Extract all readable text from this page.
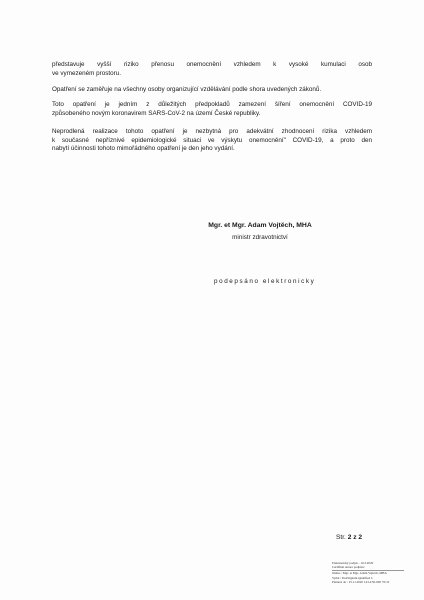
představuje vyšší riziko přenosu onemocnění vzhledem k vysoké kumulaci osob
ve vymezeném prostoru.
Opatření se zaměřuje na všechny osoby organizující vzdělávání podle shora uvedených zákonů.
Toto opatření je jedním z důležitých předpokladů zamezení šíření onemocnění COVID-19
způsobeného novým koronavirem SARS-CoV-2 na území České republiky.
Neprodlená realizace tohoto opatření je nezbytná pro adekvátní zhodnocení rizika vzhledem
k současné nepříznivé epidemiologické situaci ve výskytu onemocnění" COVID-19, a proto den
nabytí účinnosti tohoto mimořádného opatření je den jeho vydání.
Mgr. et Mgr. Adam Vojtěch, MHA
ministr zdravotnictví
podepsáno elektronicky
Str. 2 z 2
Elektronický podpis - 10.3.2020
Certifikát autora podpisu:
Jméno : Mgr. et Mgr. Adam Vojtěch, MHA
Vydal : PostSignum Qualified C
Platnost do : 25.11.2020 14:14:50-000 +01:0
